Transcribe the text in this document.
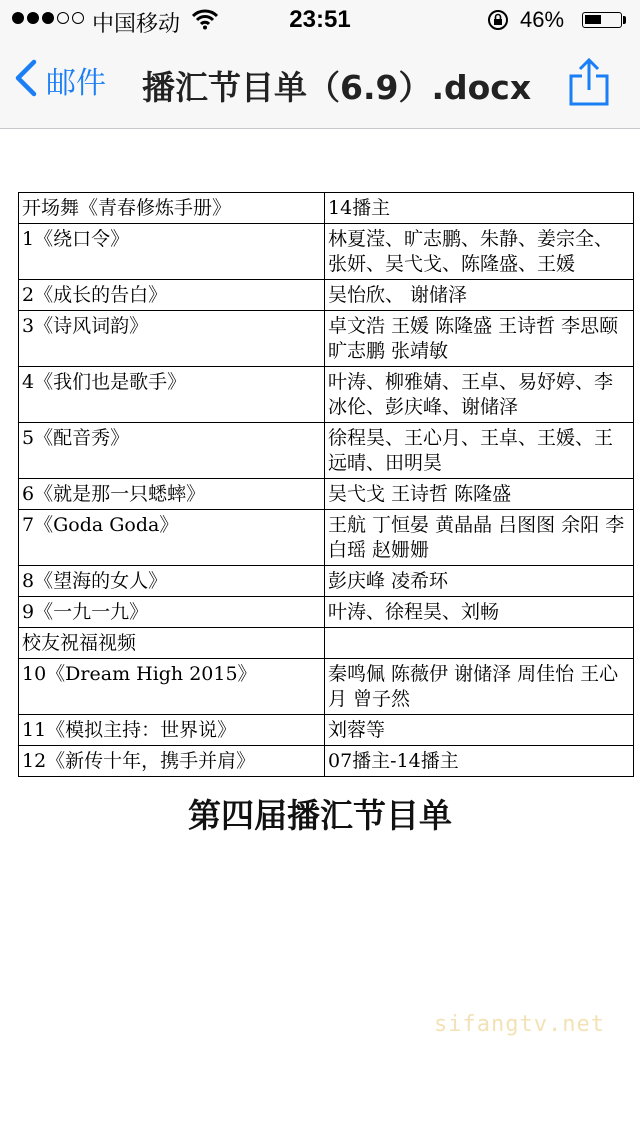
中国移动	23:51	46%
邮件 播汇节目单（6.9）.docx
开场舞《青春修炼手册》	14播主
1《绕口令》	林夏滢、旷志鹏、朱静、姜宗全、张妍、吴弋戈、陈隆盛、王媛
2《成长的告白》	吴怡欣、 谢储泽
3《诗风词韵》	卓文浩 王媛 陈隆盛 王诗哲 李思颐 旷志鹏 张靖敏
4《我们也是歌手》	叶涛、柳雅婧、王卓、易妤婷、李冰伦、彭庆峰、谢储泽
5《配音秀》	徐程昊、王心月、王卓、王媛、王远晴、田明昊
6《就是那一只蟋蟀》	吴弋戈 王诗哲 陈隆盛
7《Goda Goda》	王航 丁恒晏 黄晶晶 吕图图 余阳 李白瑶 赵姗姗
8《望海的女人》	彭庆峰 凌希环
9《一九一九》	叶涛、徐程昊、刘畅
校友祝福视频	
10《Dream High 2015》	秦鸣佩 陈薇伊 谢储泽 周佳怡 王心月 曾子然
11《模拟主持：世界说》	刘蓉等
12《新传十年，携手并肩》	07播主-14播主
第四届播汇节目单
sifangtv.net
